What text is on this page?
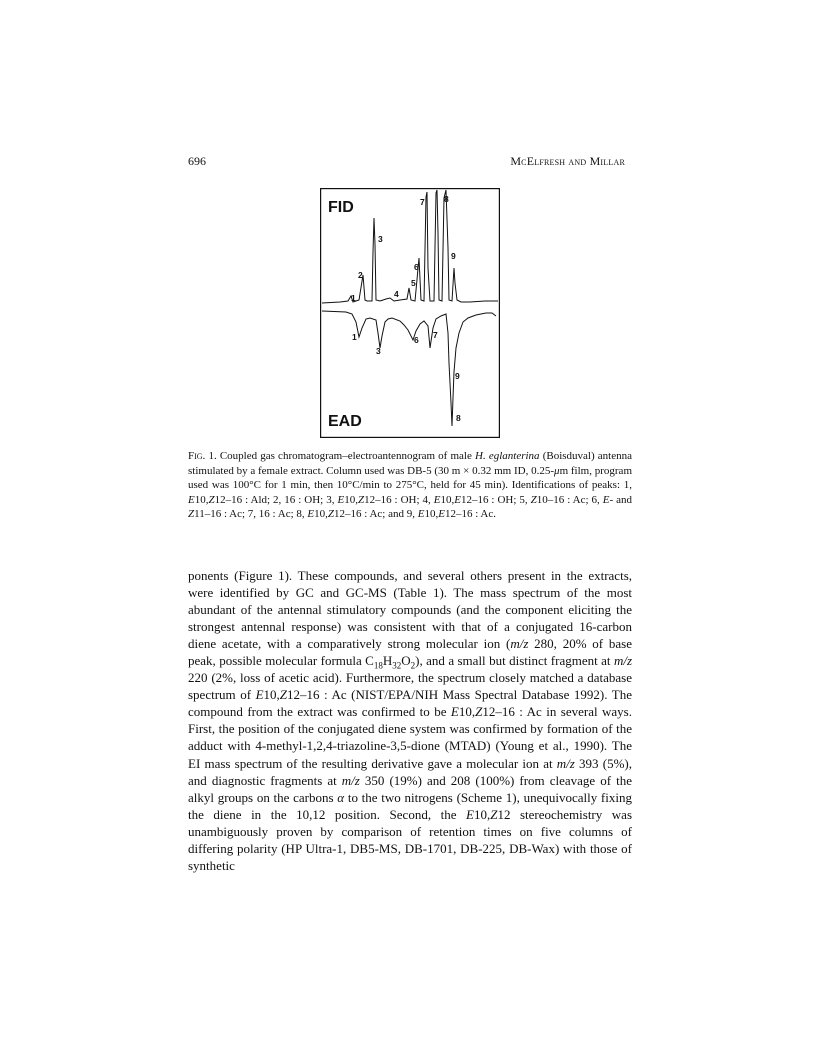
696	McElfresh and Millar
FID
EAD
1
2
3
4
5
6
7 8
9
1
3
6 7
9
8
Fig. 1. Coupled gas chromatogram–electroantennogram of male H. eglanterina (Boisduval) antenna stimulated by a female extract. Column used was DB-5 (30 m × 0.32 mm ID, 0.25-μm film, program used was 100°C for 1 min, then 10°C/min to 275°C, held for 45 min). Identifications of peaks: 1, E10,Z12–16 : Ald; 2, 16 : OH; 3, E10,Z12–16 : OH; 4, E10,E12–16 : OH; 5, Z10–16 : Ac; 6, E- and Z11–16 : Ac; 7, 16 : Ac; 8, E10,Z12–16 : Ac; and 9, E10,E12–16 : Ac.
ponents (Figure 1). These compounds, and several others present in the extracts, were identified by GC and GC-MS (Table 1). The mass spectrum of the most abundant of the antennal stimulatory compounds (and the component eliciting the strongest antennal response) was consistent with that of a conjugated 16-carbon diene acetate, with a comparatively strong molecular ion (m/z 280, 20% of base peak, possible molecular formula $C_{18}H_{32}O_2$), and a small but distinct fragment at m/z 220 (2%, loss of acetic acid). Furthermore, the spectrum closely matched a database spectrum of E10,Z12–16 : Ac (NIST/EPA/NIH Mass Spectral Database 1992). The compound from the extract was confirmed to be E10,Z12–16 : Ac in several ways. First, the position of the conjugated diene system was confirmed by formation of the adduct with 4-methyl-1,2,4-triazoline-3,5-dione (MTAD) (Young et al., 1990). The EI mass spectrum of the resulting derivative gave a molecular ion at m/z 393 (5%), and diagnostic fragments at m/z 350 (19%) and 208 (100%) from cleavage of the alkyl groups on the carbons α to the two nitrogens (Scheme 1), unequivocally fixing the diene in the 10,12 position. Second, the E10,Z12 stereochemistry was unambiguously proven by comparison of retention times on five columns of differing polarity (HP Ultra-1, DB5-MS, DB-1701, DB-225, DB-Wax) with those of synthetic
